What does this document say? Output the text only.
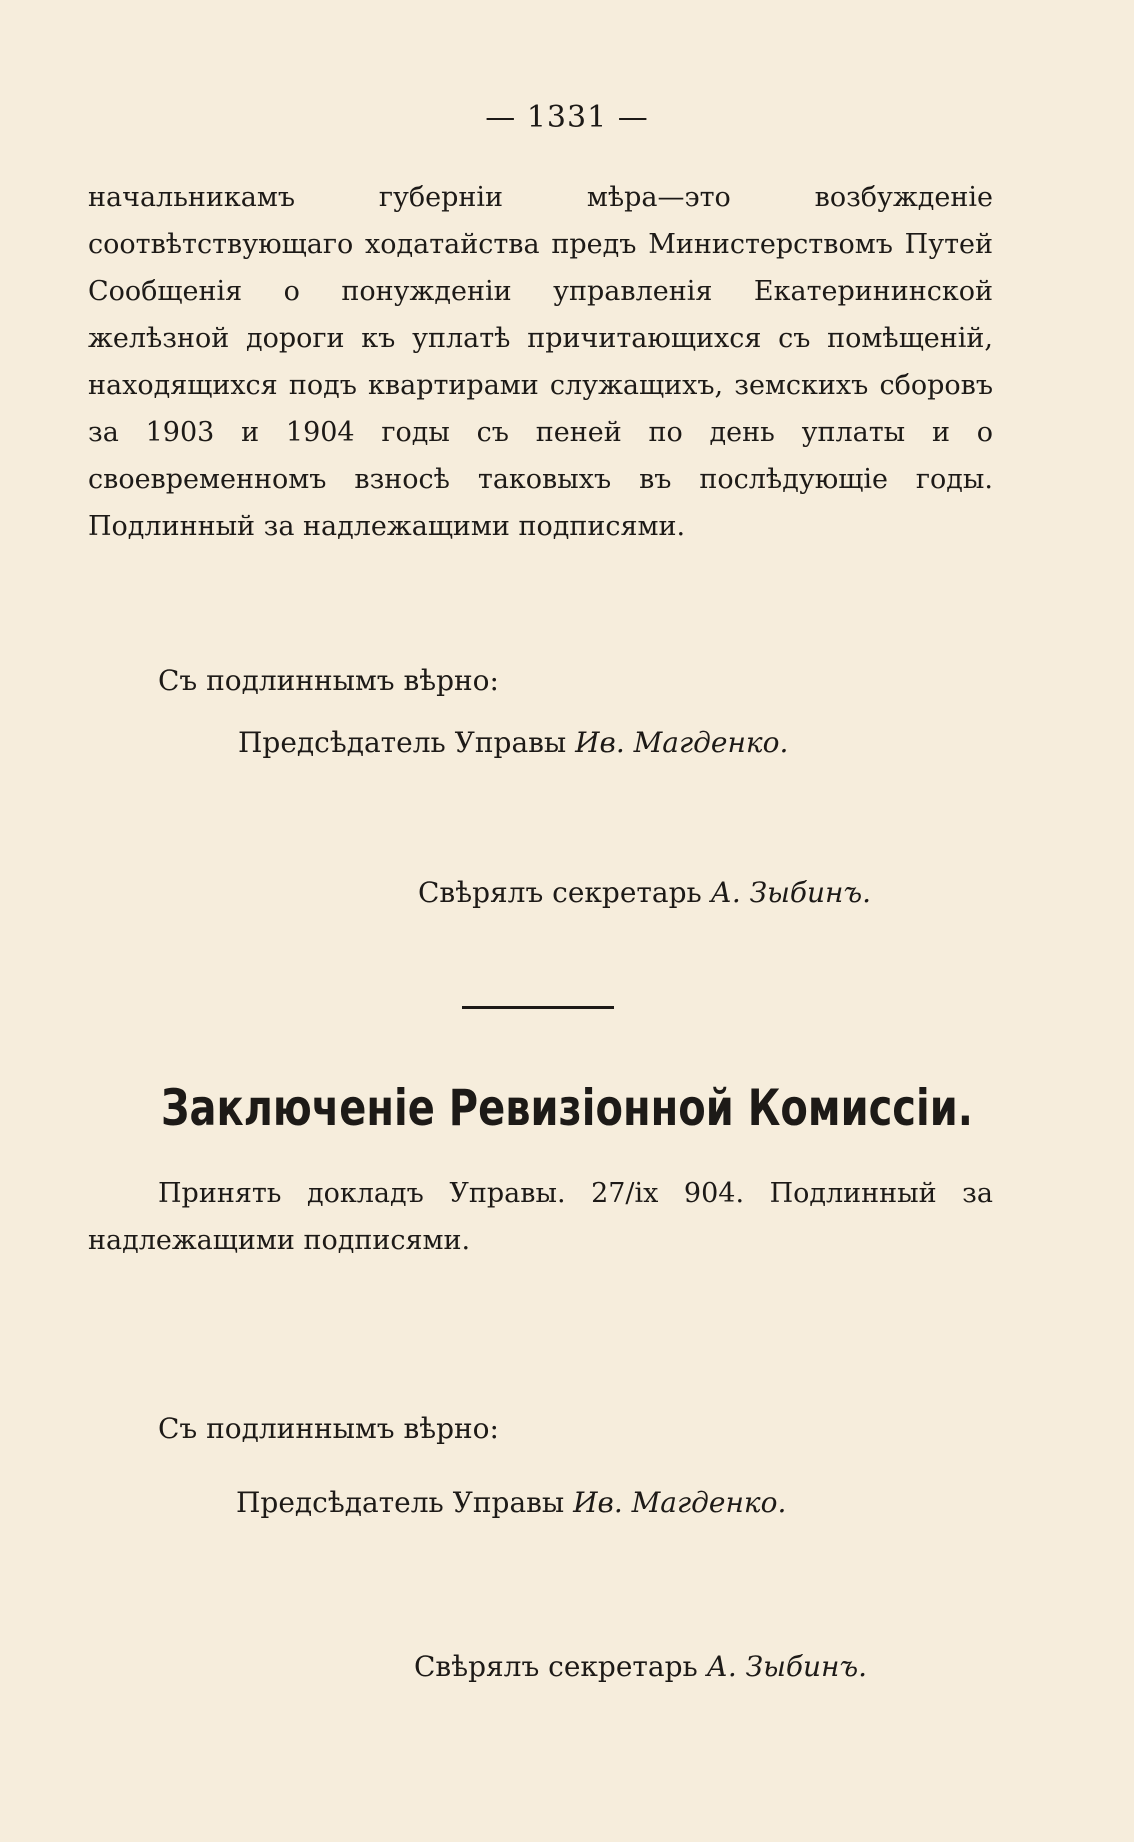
— 1331 —
начальникамъ губерніи мѣра—это возбужденіе соотвѣтствующаго ходатайства предъ Министерствомъ Путей Сообщенія о понужденіи управленія Екатерининской желѣзной дороги къ уплатѣ причитающихся съ помѣщеній, находящихся подъ квартирами служащихъ, земскихъ сборовъ за 1903 и 1904 годы съ пеней по день уплаты и о своевременномъ взносѣ таковыхъ въ послѣдующіе годы. Подлинный за надлежащими подписями.
Съ подлиннымъ вѣрно:
Предсѣдатель Управы Ив. Магденко.
Свѣрялъ секретарь А. Зыбинъ.
Заключеніе Ревизіонной Комиссіи.
Принять докладъ Управы. 27/ix 904. Подлинный за надлежащими подписями.
Съ подлиннымъ вѣрно:
Предсѣдатель Управы Ив. Магденко.
Свѣрялъ секретарь А. Зыбинъ.
